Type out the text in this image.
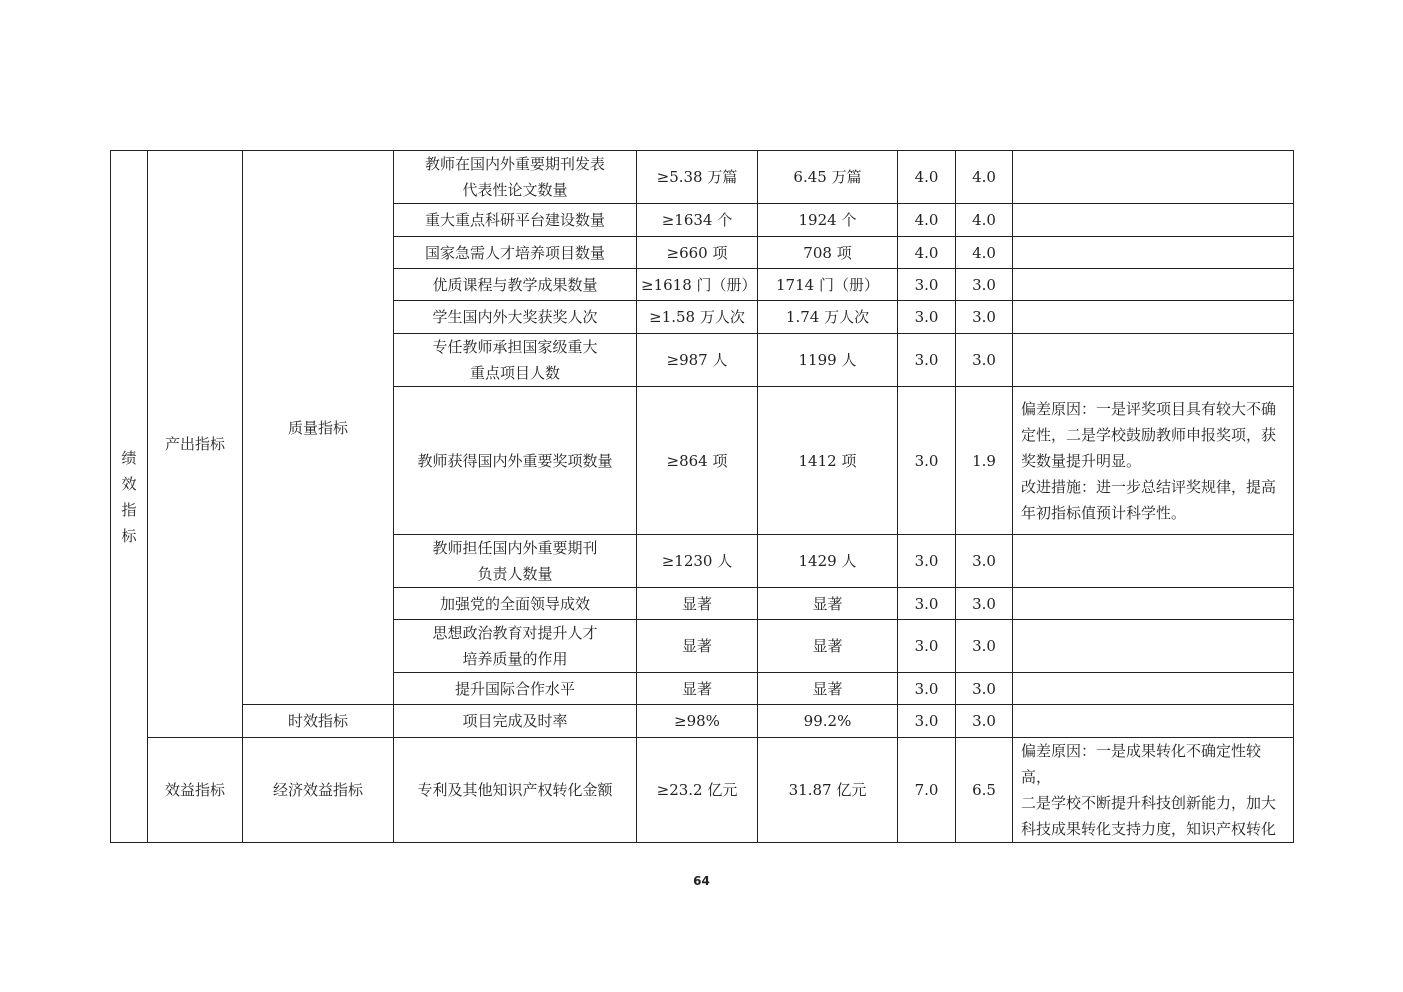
绩
效
指
标	产出指标	质量指标	教师在国内外重要期刊发表
代表性论文数量	≥5.38 万篇	6.45 万篇	4.0	4.0	
			重大重点科研平台建设数量	≥1634 个	1924 个	4.0	4.0	
			国家急需人才培养项目数量	≥660 项	708 项	4.0	4.0	
			优质课程与教学成果数量	≥1618 门（册）	1714 门（册）	3.0	3.0	
			学生国内外大奖获奖人次	≥1.58 万人次	1.74 万人次	3.0	3.0	

			专任教师承担国家级重大
重点项目人数	≥987 人	1199 人	3.0	3.0	
			教师获得国内外重要奖项数量	≥864 项	1412 项	3.0	1.9	偏差原因：一是评奖项目具有较大不确
定性，二是学校鼓励教师申报奖项，获
奖数量提升明显。
改进措施：进一步总结评奖规律，提高
年初指标值预计科学性。

			教师担任国内外重要期刊
负责人数量	≥1230 人	1429 人	3.0	3.0	
			加强党的全面领导成效	显著	显著	3.0	3.0	

			思想政治教育对提升人才
培养质量的作用	显著	显著	3.0	3.0	
			提升国际合作水平	显著	显著	3.0	3.0	
		时效指标	项目完成及时率	≥98%	99.2%	3.0	3.0	
	效益指标	经济效益指标	专利及其他知识产权转化金额	≥23.2 亿元	31.87 亿元	7.0	6.5	偏差原因：一是成果转化不确定性较高，
二是学校不断提升科技创新能力，加大
科技成果转化支持力度，知识产权转化
64
